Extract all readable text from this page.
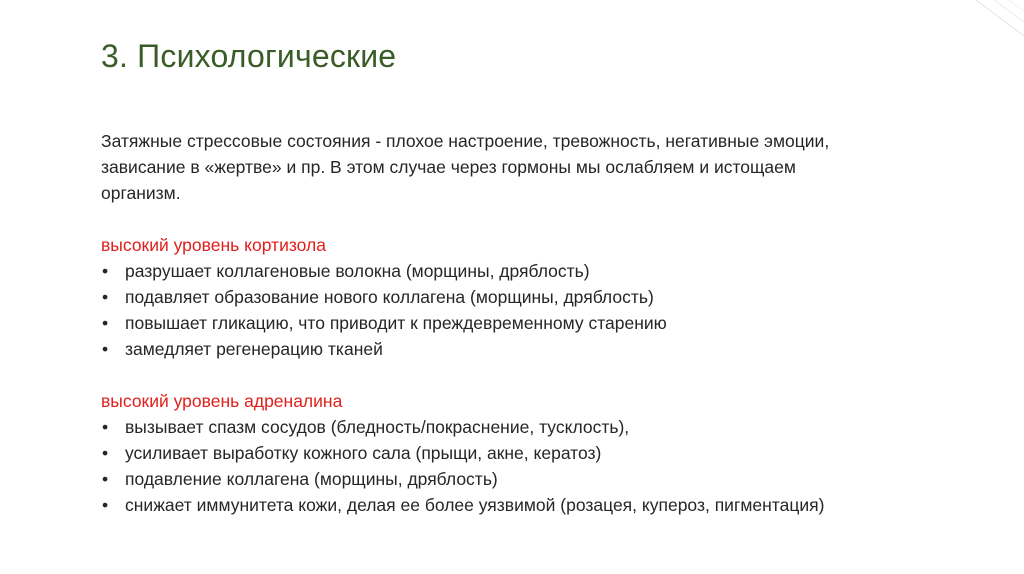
3. Психологические

Затяжные стрессовые состояния - плохое настроение, тревожность, негативные эмоции,
зависание в «жертве» и пр. В этом случае через гормоны мы ослабляем и истощаем
организм.

высокий уровень кортизола

• разрушает коллагеновые волокна (морщины, дряблость)
• подавляет образование нового коллагена (морщины, дряблость)
• повышает гликацию, что приводит к преждевременному старению
• замедляет регенерацию тканей

высокий уровень адреналина

• вызывает спазм сосудов (бледность/покраснение, тусклость),
• усиливает выработку кожного сала (прыщи, акне, кератоз)
• подавление коллагена (морщины, дряблость)
• снижает иммунитета кожи, делая ее более уязвимой (розацея, купероз, пигментация)
